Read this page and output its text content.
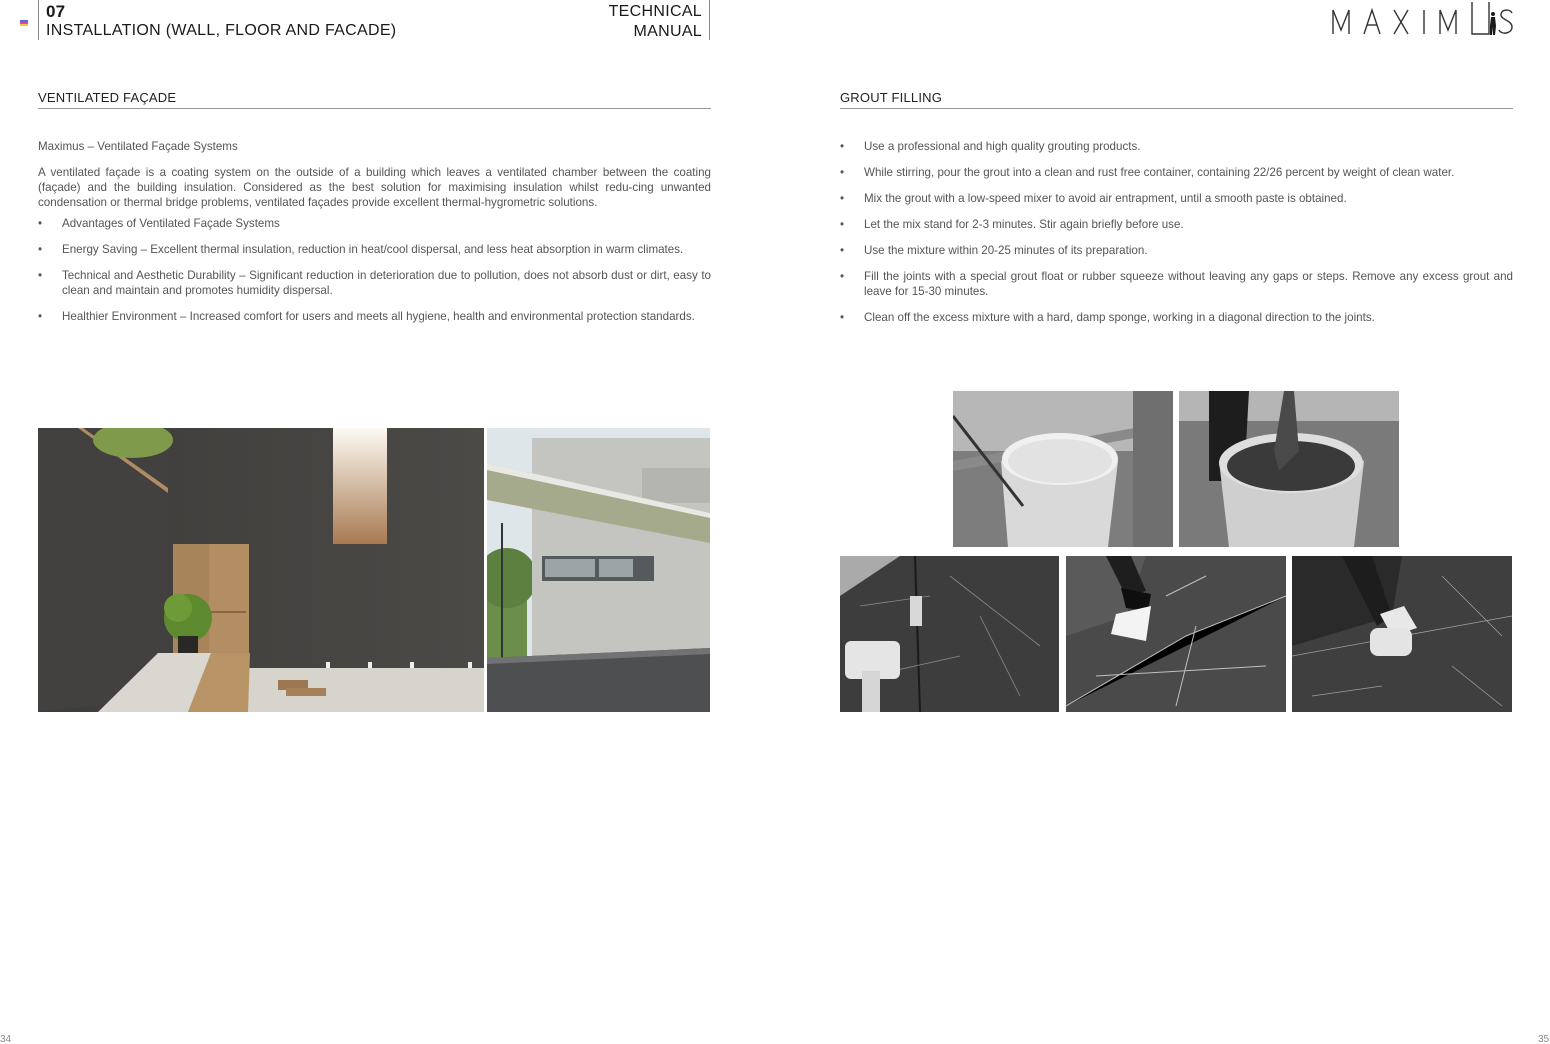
07
INSTALLATION (WALL, FLOOR AND FACADE)
TECHNICAL
MANUAL
VENTILATED FAÇADE

Maximus – Ventilated Façade Systems

A ventilated façade is a coating system on the outside of a building which leaves a ventilated chamber between the coating (façade) and the building insulation. Considered as the best solution for maximising insulation whilst redu-cing unwanted condensation or thermal bridge problems, ventilated façades provide excellent thermal-hygrometric solutions.

• Advantages of Ventilated Façade Systems
• Energy Saving – Excellent thermal insulation, reduction in heat/cool dispersal, and less heat absorption in warm climates.
• Technical and Aesthetic Durability – Significant reduction in deterioration due to pollution, does not absorb dust or dirt, easy to clean and maintain and promotes humidity dispersal.
• Healthier Environment – Increased comfort for users and meets all hygiene, health and environmental protection standards.
GROUT FILLING
• Use a professional and high quality grouting products.
• While stirring, pour the grout into a clean and rust free container, containing 22/26 percent by weight of clean water.
• Mix the grout with a low-speed mixer to avoid air entrapment, until a smooth paste is obtained.
• Let the mix stand for 2-3 minutes. Stir again briefly before use.
• Use the mixture within 20-25 minutes of its preparation.
• Fill the joints with a special grout float or rubber squeeze without leaving any gaps or steps. Remove any excess grout and leave for 15-30 minutes.
• Clean off the excess mixture with a hard, damp sponge, working in a diagonal direction to the joints.
34	35
